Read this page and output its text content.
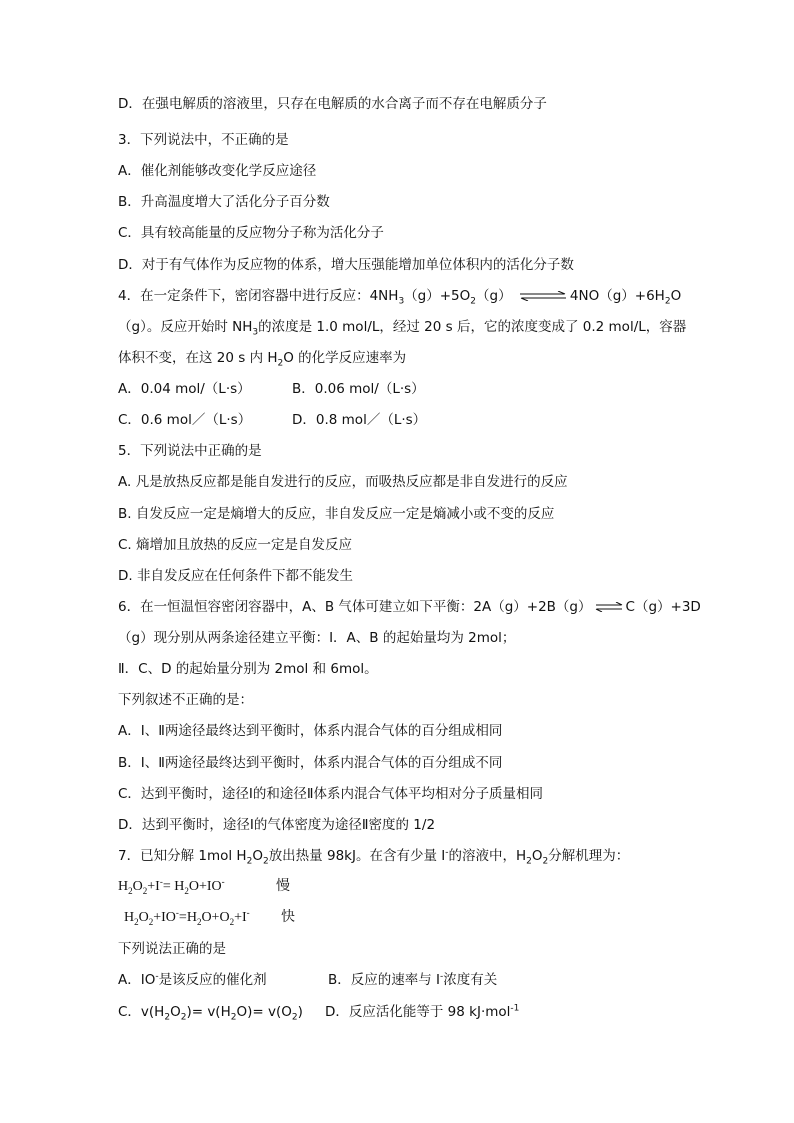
D．在强电解质的溶液里，只存在电解质的水合离子而不存在电解质分子
3．下列说法中，不正确的是
A．催化剂能够改变化学反应途径
B．升高温度增大了活化分子百分数
C．具有较高能量的反应物分子称为活化分子
D．对于有气体作为反应物的体系，增大压强能增加单位体积内的活化分子数
4．在一定条件下，密闭容器中进行反应：$4NH_3(g)+5O_2(g)$ ⇌ $4NO(g)+6H_2O$
（g）。反应开始时 $NH_3$的浓度是 1.0 mol/L，经过 20 s 后，它的浓度变成了 0.2 mol/L，容器
体积不变，在这 20 s 内 $H_2O$ 的化学反应速率为
A．0.04 mol/（L·s）	B．0.06 mol/（L·s）
C．0.6 mol／（L·s）	D．0.8 mol／（L·s）
5．下列说法中正确的是
A. 凡是放热反应都是能自发进行的反应，而吸热反应都是非自发进行的反应
B. 自发反应一定是熵增大的反应，非自发反应一定是熵减小或不变的反应
C. 熵增加且放热的反应一定是自发反应
D. 非自发反应在任何条件下都不能发生
6．在一恒温恒容密闭容器中，A、B 气体可建立如下平衡：2A（g）+2B（g） ⇌ C（g）+3D
（g）现分别从两条途径建立平衡：Ⅰ．A、B 的起始量均为 2mol；
Ⅱ．C、D 的起始量分别为 2mol 和 6mol。
下列叙述不正确的是：
A．Ⅰ、Ⅱ两途径最终达到平衡时，体系内混合气体的百分组成相同
B．Ⅰ、Ⅱ两途径最终达到平衡时，体系内混合气体的百分组成不同
C．达到平衡时，途径Ⅰ的和途径Ⅱ体系内混合气体平均相对分子质量相同
D．达到平衡时，途径Ⅰ的气体密度为途径Ⅱ密度的 1/2
7．已知分解 1mol $H_2O_2$放出热量 98kJ。在含有少量 I-的溶液中，$H_2O_2$分解机理为：
$H_2O_2+I^-= H_2O+IO^-$	慢
$H_2O_2+IO^-=H_2O+O_2+I^-$ 快
下列说法正确的是
A．IO-是该反应的催化剂	B．反应的速率与 I-浓度有关
C．$v(H_2O_2)= v(H_2O)= v(O_2)$ D．反应活化能等于 98 kJ·mol$^{-1}$
